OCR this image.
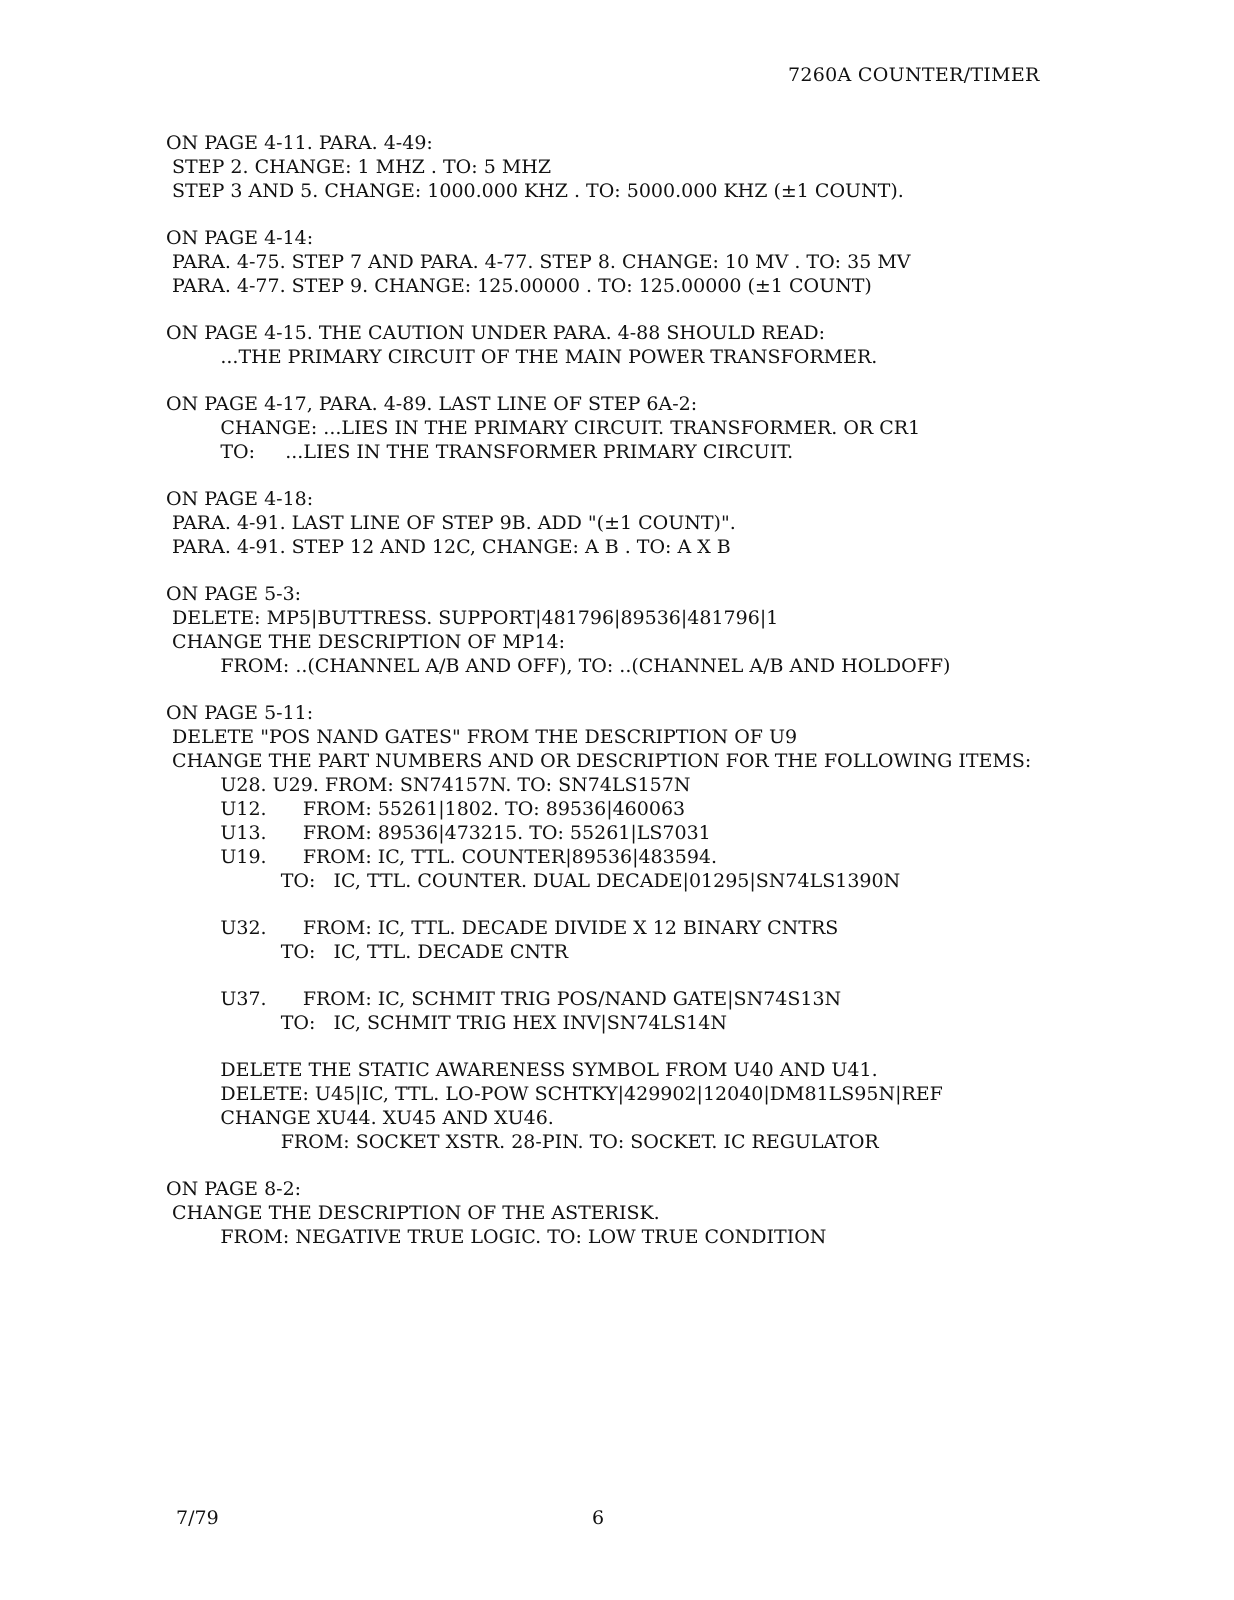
7260A COUNTER/TIMER
ON PAGE 4-11. PARA. 4-49:
STEP 2. CHANGE: 1 MHZ . TO: 5 MHZ
STEP 3 AND 5. CHANGE: 1000.000 KHZ . TO: 5000.000 KHZ (±1 COUNT).
ON PAGE 4-14:
PARA. 4-75. STEP 7 AND PARA. 4-77. STEP 8. CHANGE: 10 MV . TO: 35 MV
PARA. 4-77. STEP 9. CHANGE: 125.00000 . TO: 125.00000 (±1 COUNT)
ON PAGE 4-15. THE CAUTION UNDER PARA. 4-88 SHOULD READ:
...THE PRIMARY CIRCUIT OF THE MAIN POWER TRANSFORMER.
ON PAGE 4-17, PARA. 4-89. LAST LINE OF STEP 6A-2:
CHANGE: ...LIES IN THE PRIMARY CIRCUIT. TRANSFORMER. OR CR1
TO:     ...LIES IN THE TRANSFORMER PRIMARY CIRCUIT.
ON PAGE 4-18:
PARA. 4-91. LAST LINE OF STEP 9B. ADD "(±1 COUNT)".
PARA. 4-91. STEP 12 AND 12C, CHANGE: A B . TO: A X B
ON PAGE 5-3:
DELETE: MP5|BUTTRESS. SUPPORT|481796|89536|481796|1
CHANGE THE DESCRIPTION OF MP14:
FROM: ..(CHANNEL A/B AND OFF), TO: ..(CHANNEL A/B AND HOLDOFF)
ON PAGE 5-11:
DELETE "POS NAND GATES" FROM THE DESCRIPTION OF U9
CHANGE THE PART NUMBERS AND OR DESCRIPTION FOR THE FOLLOWING ITEMS:
U28. U29. FROM: SN74157N. TO: SN74LS157N
U12.      FROM: 55261|1802. TO: 89536|460063
U13.      FROM: 89536|473215. TO: 55261|LS7031
U19.      FROM: IC, TTL. COUNTER|89536|483594.
TO:   IC, TTL. COUNTER. DUAL DECADE|01295|SN74LS1390N
U32.      FROM: IC, TTL. DECADE DIVIDE X 12 BINARY CNTRS
TO:   IC, TTL. DECADE CNTR
U37.      FROM: IC, SCHMIT TRIG POS/NAND GATE|SN74S13N
TO:   IC, SCHMIT TRIG HEX INV|SN74LS14N
DELETE THE STATIC AWARENESS SYMBOL FROM U40 AND U41.
DELETE: U45|IC, TTL. LO-POW SCHTKY|429902|12040|DM81LS95N|REF
CHANGE XU44. XU45 AND XU46.
FROM: SOCKET XSTR. 28-PIN. TO: SOCKET. IC REGULATOR
ON PAGE 8-2:
CHANGE THE DESCRIPTION OF THE ASTERISK.
FROM: NEGATIVE TRUE LOGIC. TO: LOW TRUE CONDITION
7/79	6
